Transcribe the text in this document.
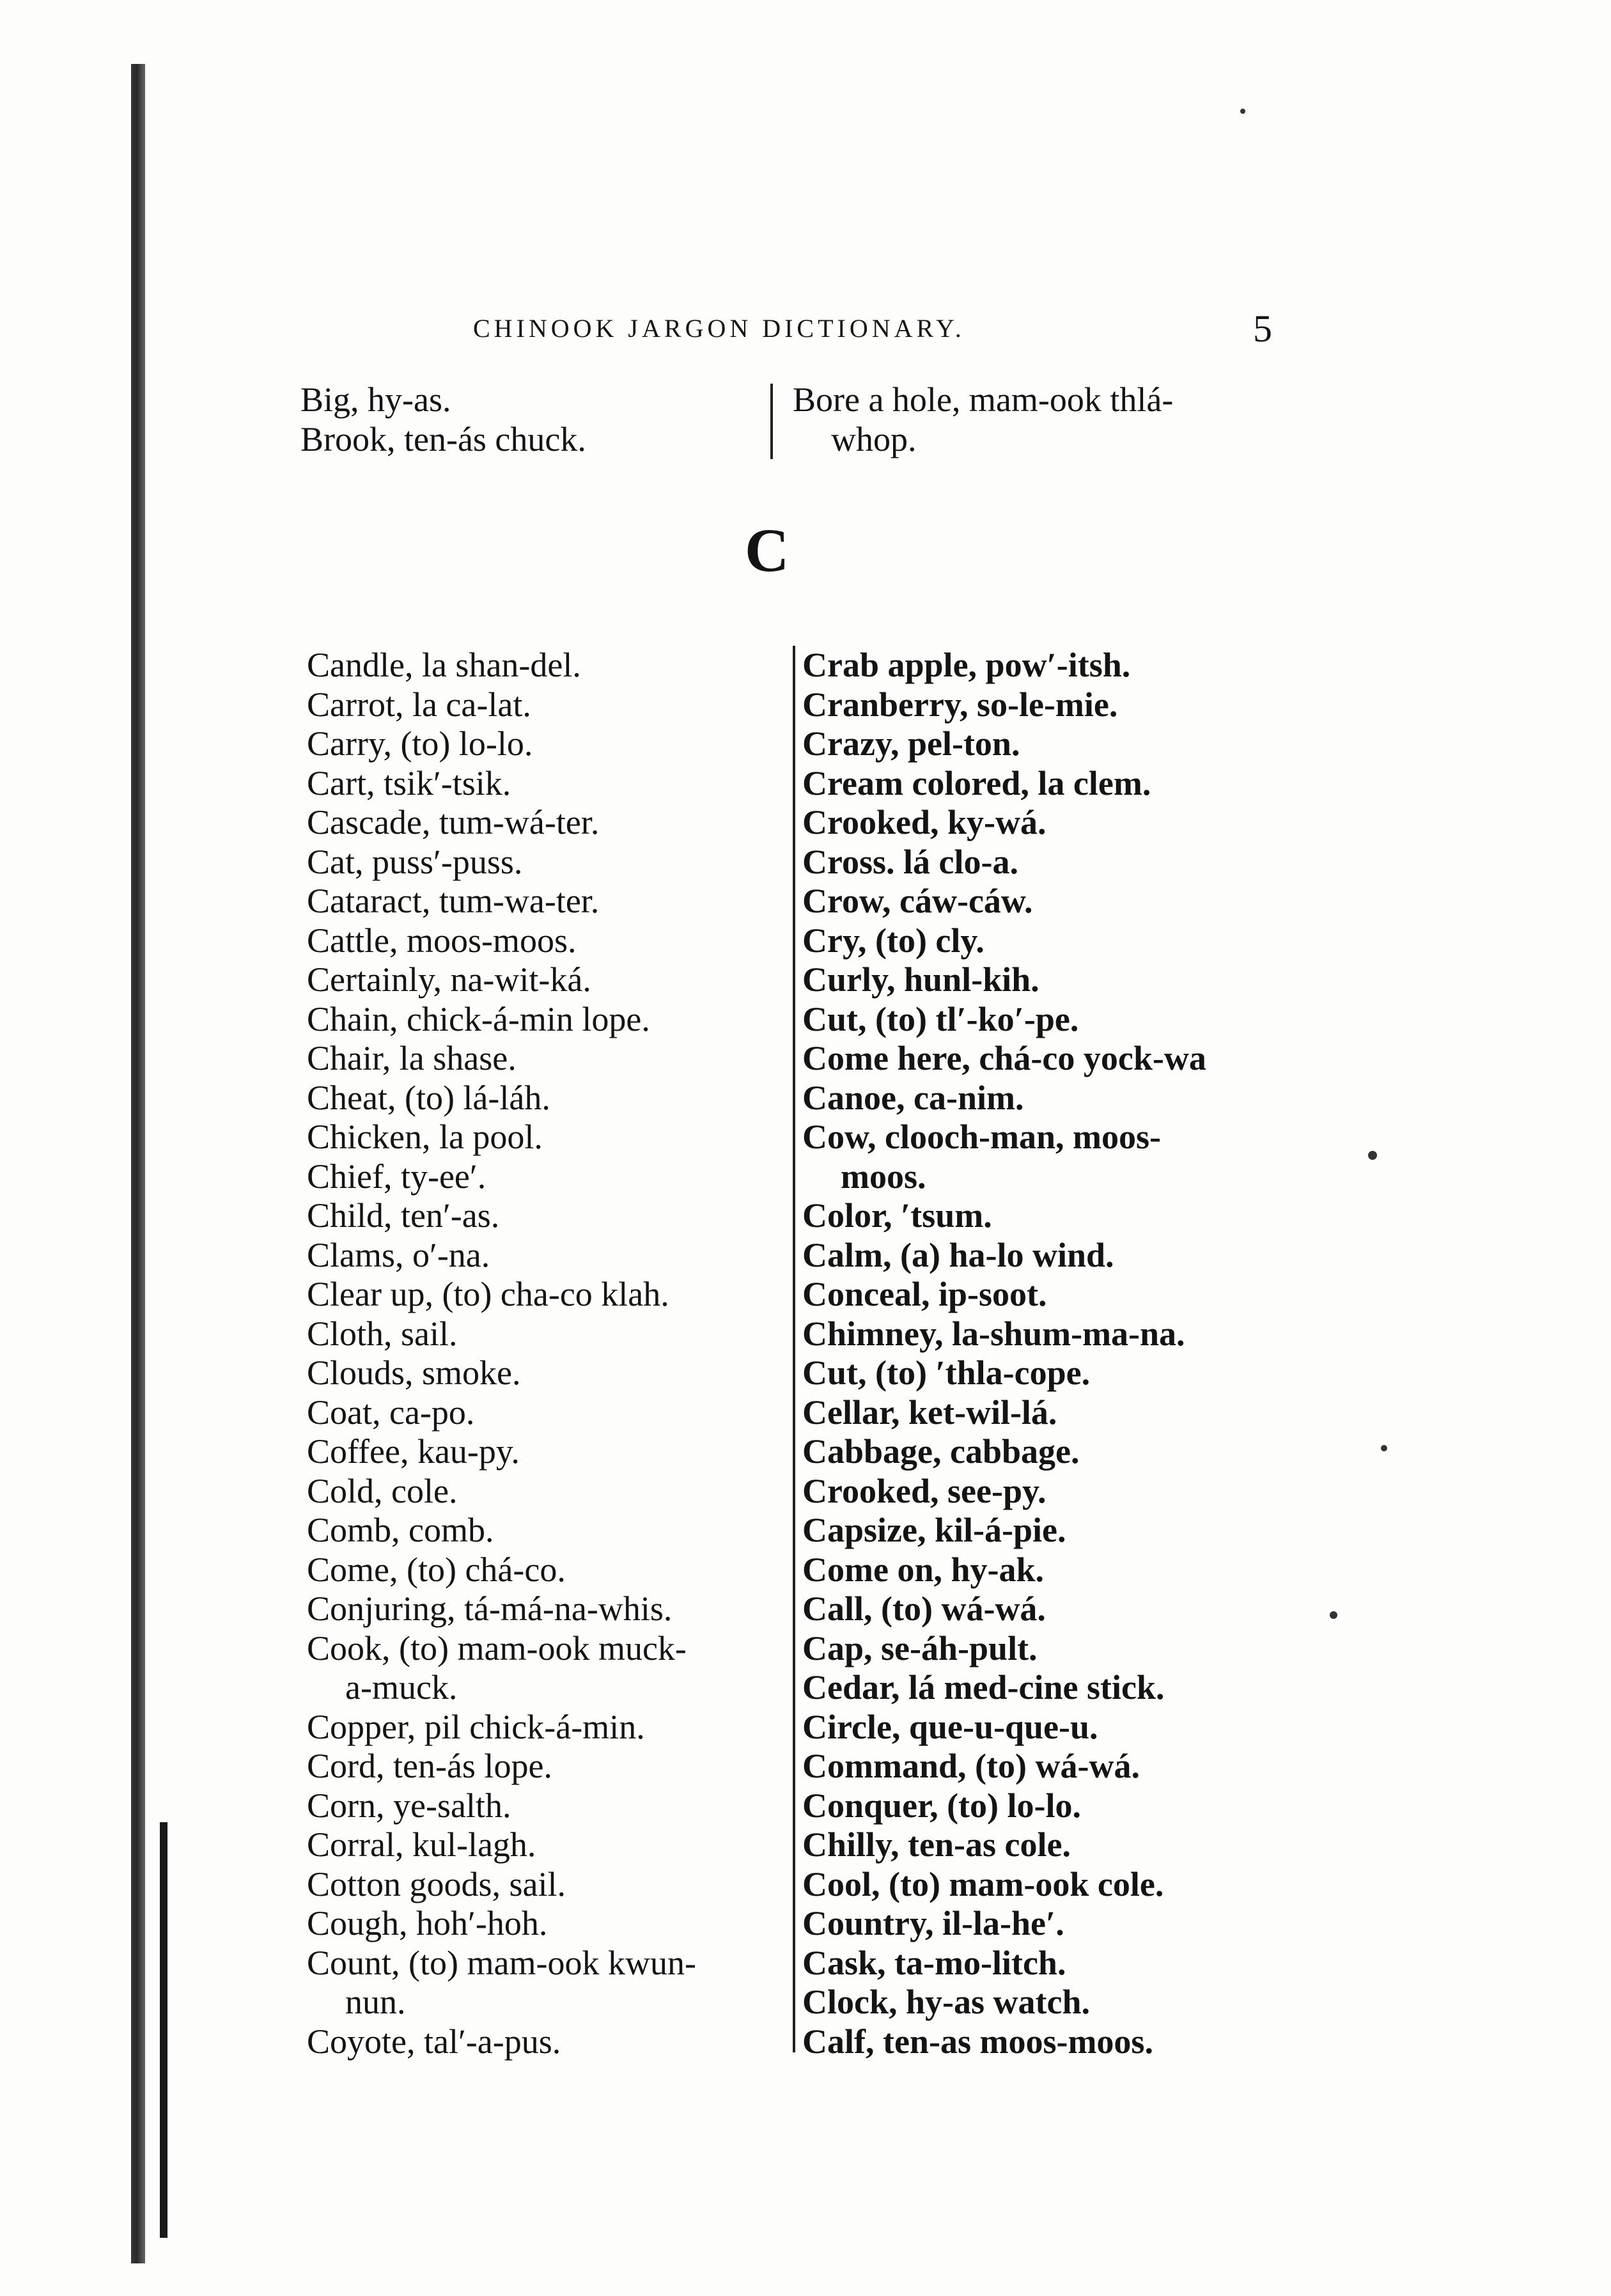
CHINOOK JARGON DICTIONARY.	5
Big, hy-as.
Brook, ten-ás chuck.
Bore a hole, mam-ook thlá-
whop.
C
Candle, la shan-del.
Carrot, la ca-lat.
Carry, (to) lo-lo.
Cart, tsik′-tsik.
Cascade, tum-wá-ter.
Cat, puss′-puss.
Cataract, tum-wa-ter.
Cattle, moos-moos.
Certainly, na-wit-ká.
Chain, chick-á-min lope.
Chair, la shase.
Cheat, (to) lá-láh.
Chicken, la pool.
Chief, ty-ee′.
Child, ten′-as.
Clams, o′-na.
Clear up, (to) cha-co klah.
Cloth, sail.
Clouds, smoke.
Coat, ca-po.
Coffee, kau-py.
Cold, cole.
Comb, comb.
Come, (to) chá-co.
Conjuring, tá-má-na-whis.
Cook, (to) mam-ook muck-
a-muck.
Copper, pil chick-á-min.
Cord, ten-ás lope.
Corn, ye-salth.
Corral, kul-lagh.
Cotton goods, sail.
Cough, hoh′-hoh.
Count, (to) mam-ook kwun-
nun.
Coyote, tal′-a-pus.
Crab apple, pow′-itsh.
Cranberry, so-le-mie.
Crazy, pel-ton.
Cream colored, la clem.
Crooked, ky-wá.
Cross. lá clo-a.
Crow, cáw-cáw.
Cry, (to) cly.
Curly, hunl-kih.
Cut, (to) tl′-ko′-pe.
Come here, chá-co yock-wa
Canoe, ca-nim.
Cow, clooch-man, moos-
moos.
Color, ′tsum.
Calm, (a) ha-lo wind.
Conceal, ip-soot.
Chimney, la-shum-ma-na.
Cut, (to) ′thla-cope.
Cellar, ket-wil-lá.
Cabbage, cabbage.
Crooked, see-py.
Capsize, kil-á-pie.
Come on, hy-ak.
Call, (to) wá-wá.
Cap, se-áh-pult.
Cedar, lá med-cine stick.
Circle, que-u-que-u.
Command, (to) wá-wá.
Conquer, (to) lo-lo.
Chilly, ten-as cole.
Cool, (to) mam-ook cole.
Country, il-la-he′.
Cask, ta-mo-litch.
Clock, hy-as watch.
Calf, ten-as moos-moos.
